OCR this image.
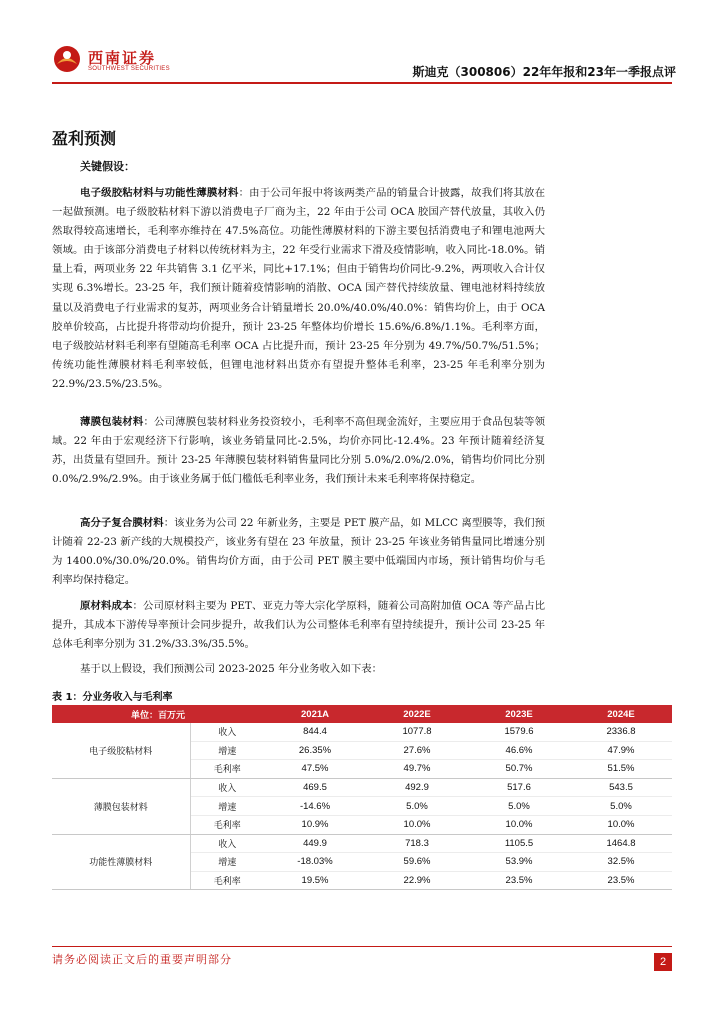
西南证券
SOUTHWEST SECURITIES	斯迪克（300806）22年年报和23年一季报点评
盈利预测
关键假设：
电子级胶粘材料与功能性薄膜材料：由于公司年报中将该两类产品的销量合计披露，故我们将其放在一起做预测。电子级胶粘材料下游以消费电子厂商为主，22 年由于公司 OCA 胶国产替代放量，其收入仍然取得较高速增长，毛利率亦维持在 47.5%高位。功能性薄膜材料的下游主要包括消费电子和锂电池两大领域。由于该部分消费电子材料以传统材料为主，22 年受行业需求下滑及疫情影响，收入同比-18.0%。销量上看，两项业务 22 年共销售 3.1 亿平米，同比+17.1%；但由于销售均价同比-9.2%，两项收入合计仅实现 6.3%增长。23-25 年，我们预计随着疫情影响的消散、OCA 国产替代持续放量、锂电池材料持续放量以及消费电子行业需求的复苏，两项业务合计销量增长 20.0%/40.0%/40.0%：销售均价上，由于 OCA 胶单价较高，占比提升将带动均价提升，预计 23-25 年整体均价增长 15.6%/6.8%/1.1%。毛利率方面，电子级胶站材料毛利率有望随高毛利率 OCA 占比提升而，预计 23-25 年分别为 49.7%/50.7%/51.5%；传统功能性薄膜材料毛利率较低，但锂电池材料出货亦有望提升整体毛利率，23-25 年毛利率分别为 22.9%/23.5%/23.5%。
薄膜包装材料：公司薄膜包装材料业务投资较小，毛利率不高但现金流好，主要应用于食品包装等领域。22 年由于宏观经济下行影响，该业务销量同比-2.5%，均价亦同比-12.4%。23 年预计随着经济复苏，出货量有望回升。预计 23-25 年薄膜包装材料销售量同比分别 5.0%/2.0%/2.0%，销售均价同比分别 0.0%/2.9%/2.9%。由于该业务属于低门槛低毛利率业务，我们预计未来毛利率将保持稳定。
高分子复合膜材料：该业务为公司 22 年新业务，主要是 PET 膜产品，如 MLCC 离型膜等，我们预计随着 22-23 新产线的大规模投产，该业务有望在 23 年放量，预计 23-25 年该业务销售量同比增速分别为 1400.0%/30.0%/20.0%。销售均价方面，由于公司 PET 膜主要中低端国内市场，预计销售均价与毛利率均保持稳定。
原材料成本：公司原材料主要为 PET、亚克力等大宗化学原料，随着公司高附加值 OCA 等产品占比提升，其成本下游传导率预计会同步提升，故我们认为公司整体毛利率有望持续提升，预计公司 23-25 年总体毛利率分别为 31.2%/33.3%/35.5%。
基于以上假设，我们预测公司 2023-2025 年分业务收入如下表：
表 1：分业务收入与毛利率
单位：百万元		2021A	2022E	2023E	2024E
电子级胶粘材料	收入	844.4	1077.8	1579.6	2336.8
	增速	26.35%	27.6%	46.6%	47.9%
	毛利率	47.5%	49.7%	50.7%	51.5%
薄膜包装材料	收入	469.5	492.9	517.6	543.5
	增速	-14.6%	5.0%	5.0%	5.0%
	毛利率	10.9%	10.0%	10.0%	10.0%
功能性薄膜材料	收入	449.9	718.3	1105.5	1464.8
	增速	-18.03%	59.6%	53.9%	32.5%
	毛利率	19.5%	22.9%	23.5%	23.5%
请务必阅读正文后的重要声明部分	2
